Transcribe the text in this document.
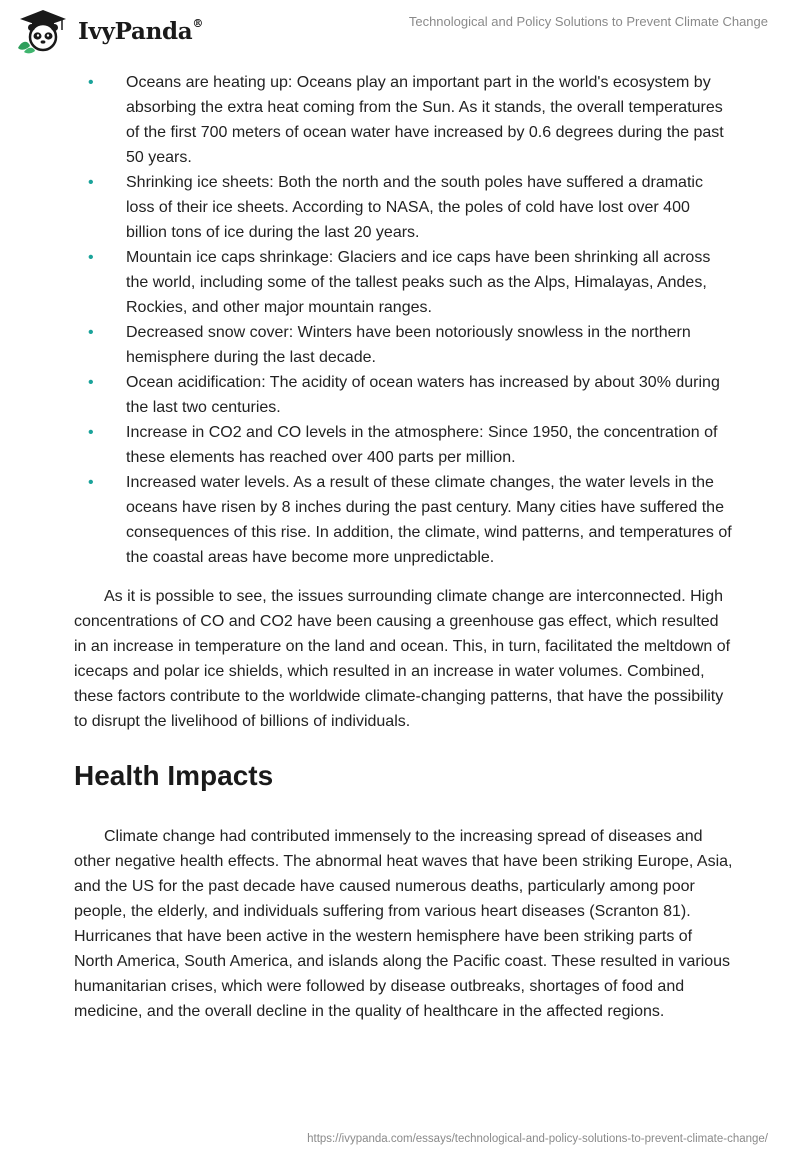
IvyPanda®	Technological and Policy Solutions to Prevent Climate Change
• Oceans are heating up: Oceans play an important part in the world's ecosystem by absorbing the extra heat coming from the Sun. As it stands, the overall temperatures of the first 700 meters of ocean water have increased by 0.6 degrees during the past 50 years.
• Shrinking ice sheets: Both the north and the south poles have suffered a dramatic loss of their ice sheets. According to NASA, the poles of cold have lost over 400 billion tons of ice during the last 20 years.
• Mountain ice caps shrinkage: Glaciers and ice caps have been shrinking all across the world, including some of the tallest peaks such as the Alps, Himalayas, Andes, Rockies, and other major mountain ranges.
• Decreased snow cover: Winters have been notoriously snowless in the northern hemisphere during the last decade.
• Ocean acidification: The acidity of ocean waters has increased by about 30% during the last two centuries.
• Increase in CO2 and CO levels in the atmosphere: Since 1950, the concentration of these elements has reached over 400 parts per million.
• Increased water levels. As a result of these climate changes, the water levels in the oceans have risen by 8 inches during the past century. Many cities have suffered the consequences of this rise. In addition, the climate, wind patterns, and temperatures of the coastal areas have become more unpredictable.

As it is possible to see, the issues surrounding climate change are interconnected. High concentrations of CO and CO2 have been causing a greenhouse gas effect, which resulted in an increase in temperature on the land and ocean. This, in turn, facilitated the meltdown of icecaps and polar ice shields, which resulted in an increase in water volumes. Combined, these factors contribute to the worldwide climate-changing patterns, that have the possibility to disrupt the livelihood of billions of individuals.

Health Impacts

Climate change had contributed immensely to the increasing spread of diseases and other negative health effects. The abnormal heat waves that have been striking Europe, Asia, and the US for the past decade have caused numerous deaths, particularly among poor people, the elderly, and individuals suffering from various heart diseases (Scranton 81). Hurricanes that have been active in the western hemisphere have been striking parts of North America, South America, and islands along the Pacific coast. These resulted in various humanitarian crises, which were followed by disease outbreaks, shortages of food and medicine, and the overall decline in the quality of healthcare in the affected regions.

https://ivypanda.com/essays/technological-and-policy-solutions-to-prevent-climate-change/
